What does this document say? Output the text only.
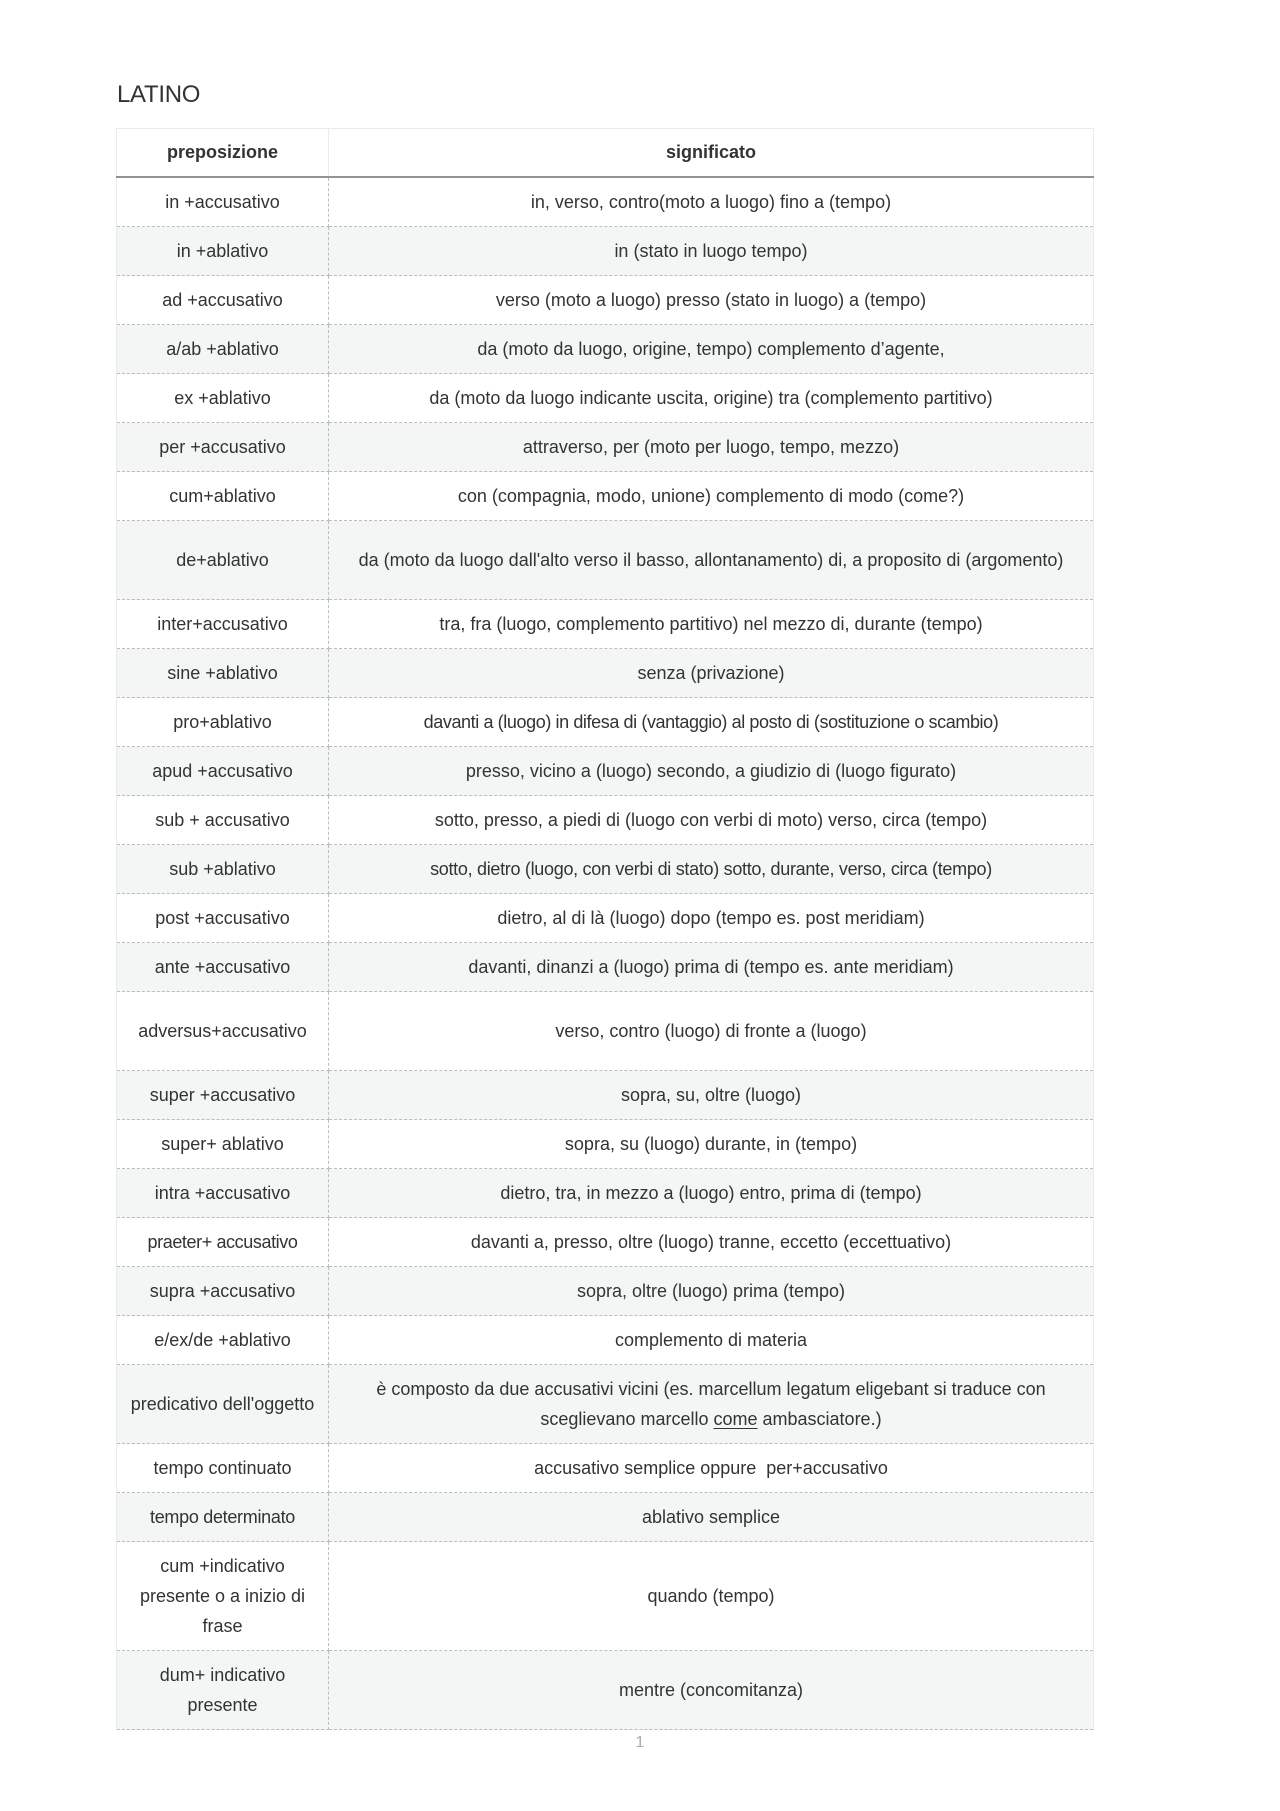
LATINO
preposizione	significato
in +accusativo	in, verso, contro(moto a luogo) fino a (tempo)
in +ablativo	in (stato in luogo tempo)
ad +accusativo	verso (moto a luogo) presso (stato in luogo) a (tempo)
a/ab +ablativo	da (moto da luogo, origine, tempo) complemento d’agente,
ex +ablativo	da (moto da luogo indicante uscita, origine) tra (complemento partitivo)
per +accusativo	attraverso, per (moto per luogo, tempo, mezzo)
cum+ablativo	con (compagnia, modo, unione) complemento di modo (come?)
de+ablativo	da (moto da luogo dall'alto verso il basso, allontanamento) di, a proposito di (argomento)
inter+accusativo	tra, fra (luogo, complemento partitivo) nel mezzo di, durante (tempo)
sine +ablativo	senza (privazione)
pro+ablativo	davanti a (luogo) in difesa di (vantaggio) al posto di (sostituzione o scambio)
apud +accusativo	presso, vicino a (luogo) secondo, a giudizio di (luogo figurato)
sub + accusativo	sotto, presso, a piedi di (luogo con verbi di moto) verso, circa (tempo)
sub +ablativo	sotto, dietro (luogo, con verbi di stato) sotto, durante, verso, circa (tempo)
post +accusativo	dietro, al di là (luogo) dopo (tempo es. post meridiam)
ante +accusativo	davanti, dinanzi a (luogo) prima di (tempo es. ante meridiam)
adversus+accusativo	verso, contro (luogo) di fronte a (luogo)
super +accusativo	sopra, su, oltre (luogo)
super+ ablativo	sopra, su (luogo) durante, in (tempo)
intra +accusativo	dietro, tra, in mezzo a (luogo) entro, prima di (tempo)
praeter+ accusativo	davanti a, presso, oltre (luogo) tranne, eccetto (eccettuativo)
supra +accusativo	sopra, oltre (luogo) prima (tempo)
e/ex/de +ablativo	complemento di materia
predicativo dell'oggetto	è composto da due accusativi vicini (es. marcellum legatum eligebant si traduce con sceglievano marcello come ambasciatore.)
tempo continuato	accusativo semplice oppure  per+accusativo
tempo determinato	ablativo semplice
cum +indicativo presente o a inizio di frase	quando (tempo)
dum+ indicativo presente	mentre (concomitanza)
1
